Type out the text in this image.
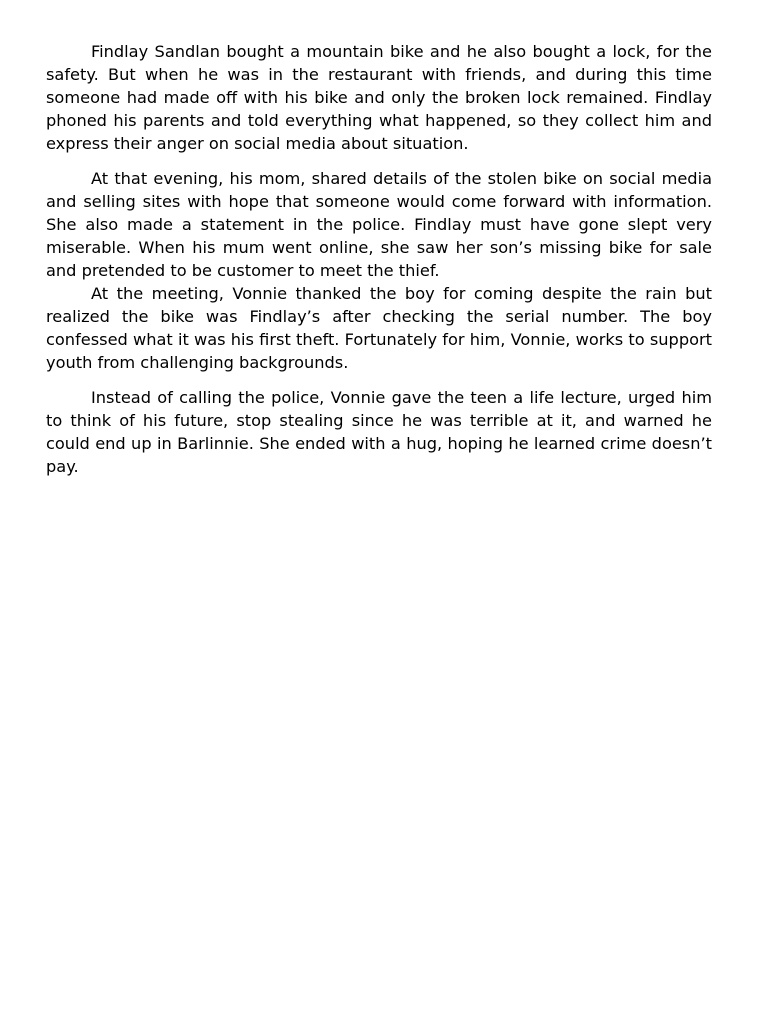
Findlay Sandlan bought a mountain bike and he also bought a lock, for the safety. But when he was in the restaurant with friends, and during this time someone had made off with his bike and only the broken lock remained. Findlay phoned his parents and told everything what happened, so they collect him and express their anger on social media about situation.

At that evening, his mom, shared details of the stolen bike on social media and selling sites with hope that someone would come forward with information. She also made a statement in the police. Findlay must have gone slept very miserable. When his mum went online, she saw her son’s missing bike for sale and pretended to be customer to meet the thief.

At the meeting, Vonnie thanked the boy for coming despite the rain but realized the bike was Findlay’s after checking the serial number. The boy confessed what it was his first theft. Fortunately for him, Vonnie, works to support youth from challenging backgrounds.

Instead of calling the police, Vonnie gave the teen a life lecture, urged him to think of his future, stop stealing since he was terrible at it, and warned he could end up in Barlinnie. She ended with a hug, hoping he learned crime doesn’t pay.
